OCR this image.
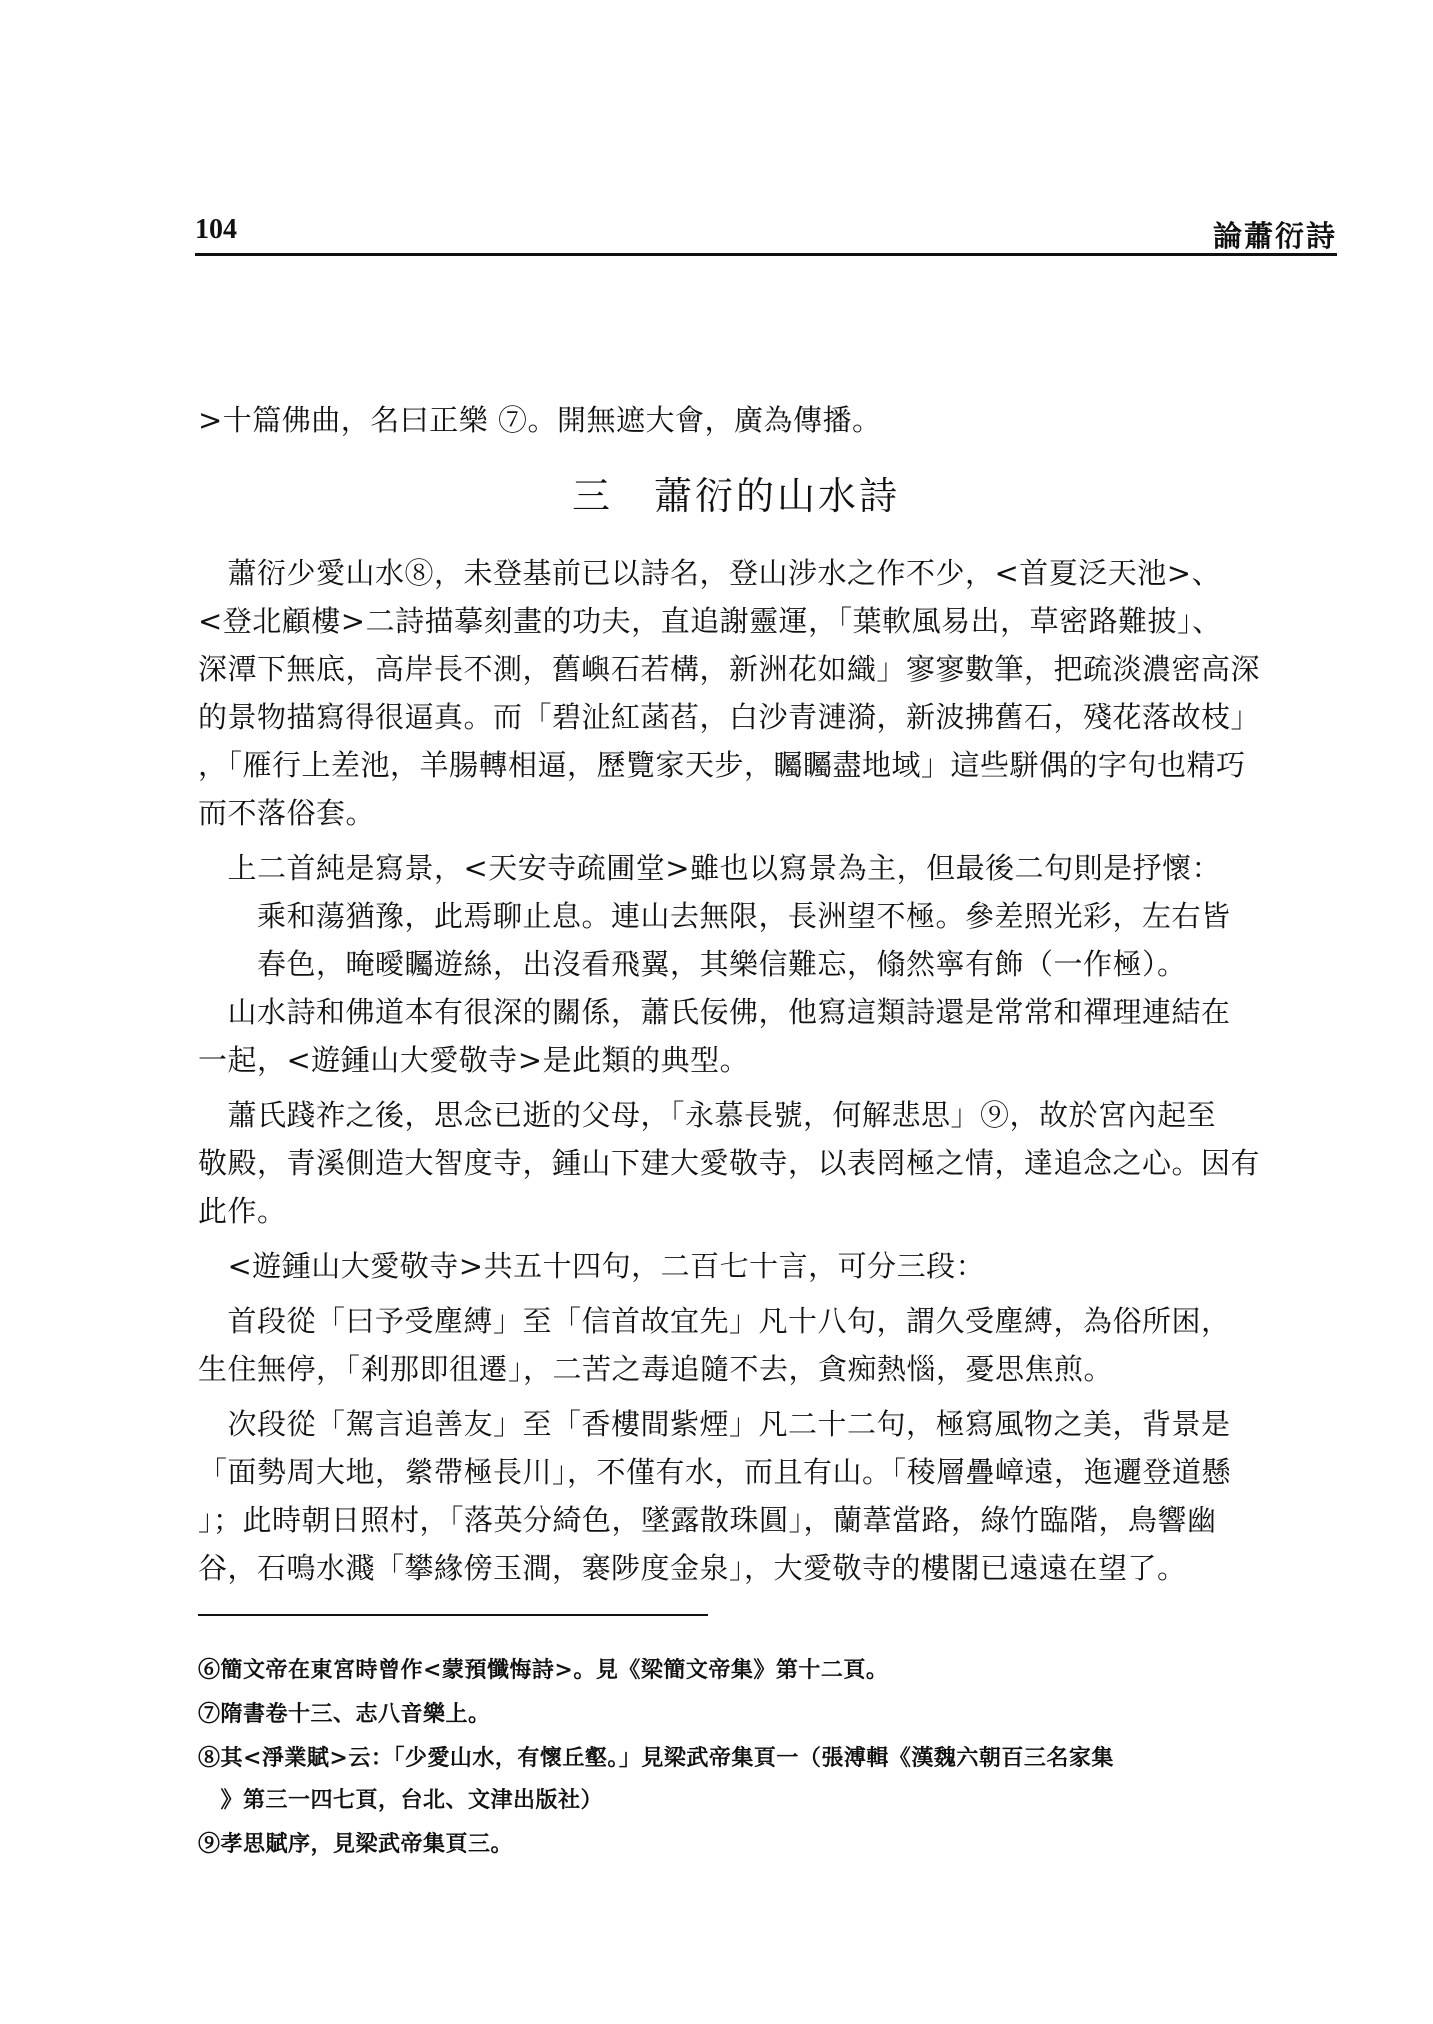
104	論蕭衍詩
>十篇佛曲，名曰正樂 ⑦。開無遮大會，廣為傳播。
三　蕭衍的山水詩
　蕭衍少愛山水⑧，未登基前已以詩名，登山涉水之作不少，<首夏泛天池>、
<登北顧樓>二詩描摹刻畫的功夫，直追謝靈運，「葉軟風易出，草密路難披」、
深潭下無底，高岸長不測，舊嶼石若構，新洲花如織」寥寥數筆，把疏淡濃密高深
的景物描寫得很逼真。而「碧沚紅菡萏，白沙青漣漪，新波拂舊石，殘花落故枝」
，「雁行上差池，羊腸轉相逼，歷覽家天步，矚矚盡地域」這些駢偶的字句也精巧
而不落俗套。
　上二首純是寫景，<天安寺疏圃堂>雖也以寫景為主，但最後二句則是抒懷：
　　乘和蕩猶豫，此焉聊止息。連山去無限，長洲望不極。參差照光彩，左右皆
　　春色，晻曖矚遊絲，出沒看飛翼，其樂信難忘，翛然寧有飾（一作極）。
　山水詩和佛道本有很深的關係，蕭氏佞佛，他寫這類詩還是常常和禪理連結在
一起，<遊鍾山大愛敬寺>是此類的典型。
　蕭氏踐祚之後，思念已逝的父母，「永慕長號，何解悲思」⑨，故於宮內起至
敬殿，青溪側造大智度寺，鍾山下建大愛敬寺，以表罔極之情，達追念之心。因有
此作。
　<遊鍾山大愛敬寺>共五十四句，二百七十言，可分三段：
　首段從「曰予受塵縛」至「信首故宜先」凡十八句，謂久受塵縛，為俗所困，
生住無停，「剎那即徂遷」，二苦之毒追隨不去，貪痴熱惱，憂思焦煎。
　次段從「駕言追善友」至「香樓間紫煙」凡二十二句，極寫風物之美，背景是
「面勢周大地，縈帶極長川」，不僅有水，而且有山。「稜層疊嶂遠，迤邐登道懸
」；此時朝日照村，「落英分綺色，墜露散珠圓」，蘭葦當路，綠竹臨階，鳥響幽
谷，石鳴水濺「攀緣傍玉澗，褰陟度金泉」，大愛敬寺的樓閣已遠遠在望了。
⑥簡文帝在東宮時曾作<蒙預懺悔詩>。見《梁簡文帝集》第十二頁。
⑦隋書卷十三、志八音樂上。
⑧其<淨業賦>云：「少愛山水，有懷丘壑。」見梁武帝集頁一（張溥輯《漢魏六朝百三名家集
　》第三一四七頁，台北、文津出版社）
⑨孝思賦序，見梁武帝集頁三。
